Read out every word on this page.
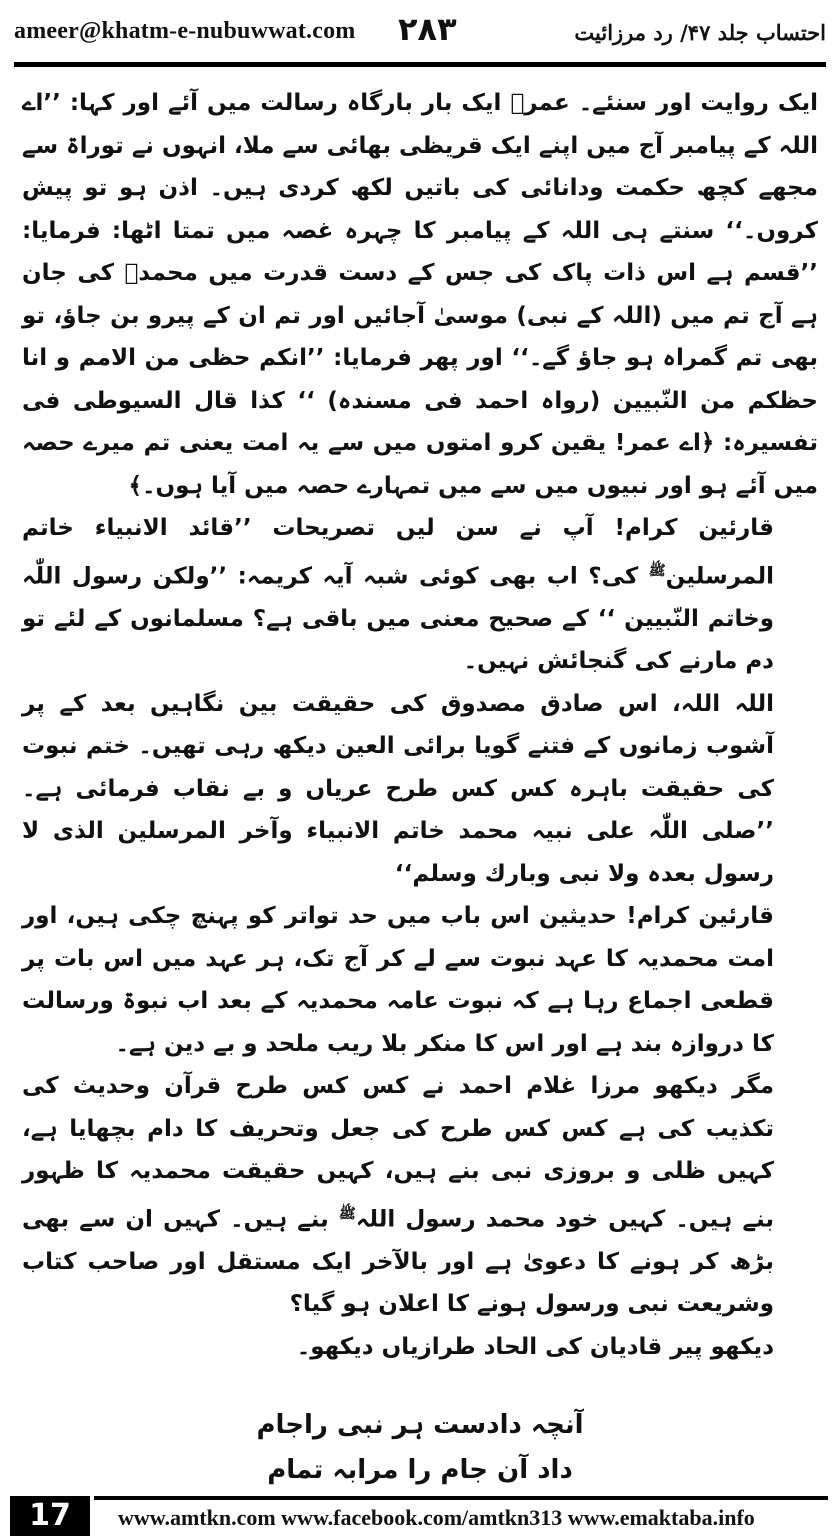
ameer@khatm-e-nubuwwat.com ۲۸۳	احتساب جلد ۴۷/ رد مرزائیت

ایک روایت اور سنئے۔ عمرؓ ایک بار بارگاہ رسالت میں آئے اور کہا: ’’اے اللہ کے پیامبر آج میں اپنے ایک قریظی بھائی سے ملا، انہوں نے توراۃ سے مجھے کچھ حکمت ودانائی کی باتیں لکھ کردی ہیں۔ اذن ہو تو پیش کروں۔‘‘ سنتے ہی اللہ کے پیامبر کا چہرہ غصہ میں تمتا اٹھا: فرمایا: ’’قسم ہے اس ذات پاک کی جس کے دست قدرت میں محمدؐ کی جان ہے آج تم میں (اللہ کے نبی) موسیٰ آجائیں اور تم ان کے پیرو بن جاؤ، تو بھی تم گمراہ ہو جاؤ گے۔‘‘ اور پھر فرمایا: ’’انکم حظی من الامم و انا حظکم من النّبیین (رواہ احمد فی مسندہ) ‘‘ کذا قال السیوطی فی تفسیرہ: ﴿اے عمر! یقین کرو امتوں میں سے یہ امت یعنی تم میرے حصہ میں آئے ہو اور نبیوں میں سے میں تمہارے حصہ میں آیا ہوں۔﴾

قارئین کرام! آپ نے سن لیں تصریحات ’’قائد الانبیاء خاتم المرسلین$^ﷺ$ کی؟ اب بھی کوئی شبہ آیہ کریمہ: ’’ولکن رسول اللّٰہ وخاتم النّبیین ‘‘ کے صحیح معنی میں باقی ہے؟ مسلمانوں کے لئے تو دم مارنے کی گنجائش نہیں۔

اللہ اللہ، اس صادق مصدوق کی حقیقت بین نگاہیں بعد کے پر آشوب زمانوں کے فتنے گویا برائی العین دیکھ رہی تھیں۔ ختم نبوت کی حقیقت باہرہ کس کس طرح عریاں و بے نقاب فرمائی ہے۔ ’’صلی اللّٰہ علی نبیہ محمد خاتم الانبیاء وآخر المرسلین الذی لا رسول بعدہ ولا نبی وبارك وسلم‘‘

قارئین کرام! حدیثین اس باب میں حد تواتر کو پہنچ چکی ہیں، اور امت محمدیہ کا عہد نبوت سے لے کر آج تک، ہر عہد میں اس بات پر قطعی اجماع رہا ہے کہ نبوت عامہ محمدیہ کے بعد اب نبوۃ ورسالت کا دروازہ بند ہے اور اس کا منکر بلا ریب ملحد و بے دین ہے۔

مگر دیکھو مرزا غلام احمد نے کس کس طرح قرآن وحدیث کی تکذیب کی ہے کس کس طرح کی جعل وتحریف کا دام بچھایا ہے، کہیں ظلی و بروزی نبی بنے ہیں، کہیں حقیقت محمدیہ کا ظہور بنے ہیں۔ کہیں خود محمد رسول اللہ$^ﷺ$ بنے ہیں۔ کہیں ان سے بھی بڑھ کر ہونے کا دعویٰ ہے اور بالآخر ایک مستقل اور صاحب کتاب وشریعت نبی ورسول ہونے کا اعلان ہو گیا؟

دیکھو پیر قادیان کی الحاد طرازیاں دیکھو۔

آنچہ دادست ہر نبی راجام
داد آن جام را مرابہ تمام
17	www.amtkn.com www.facebook.com/amtkn313 www.emaktaba.info
